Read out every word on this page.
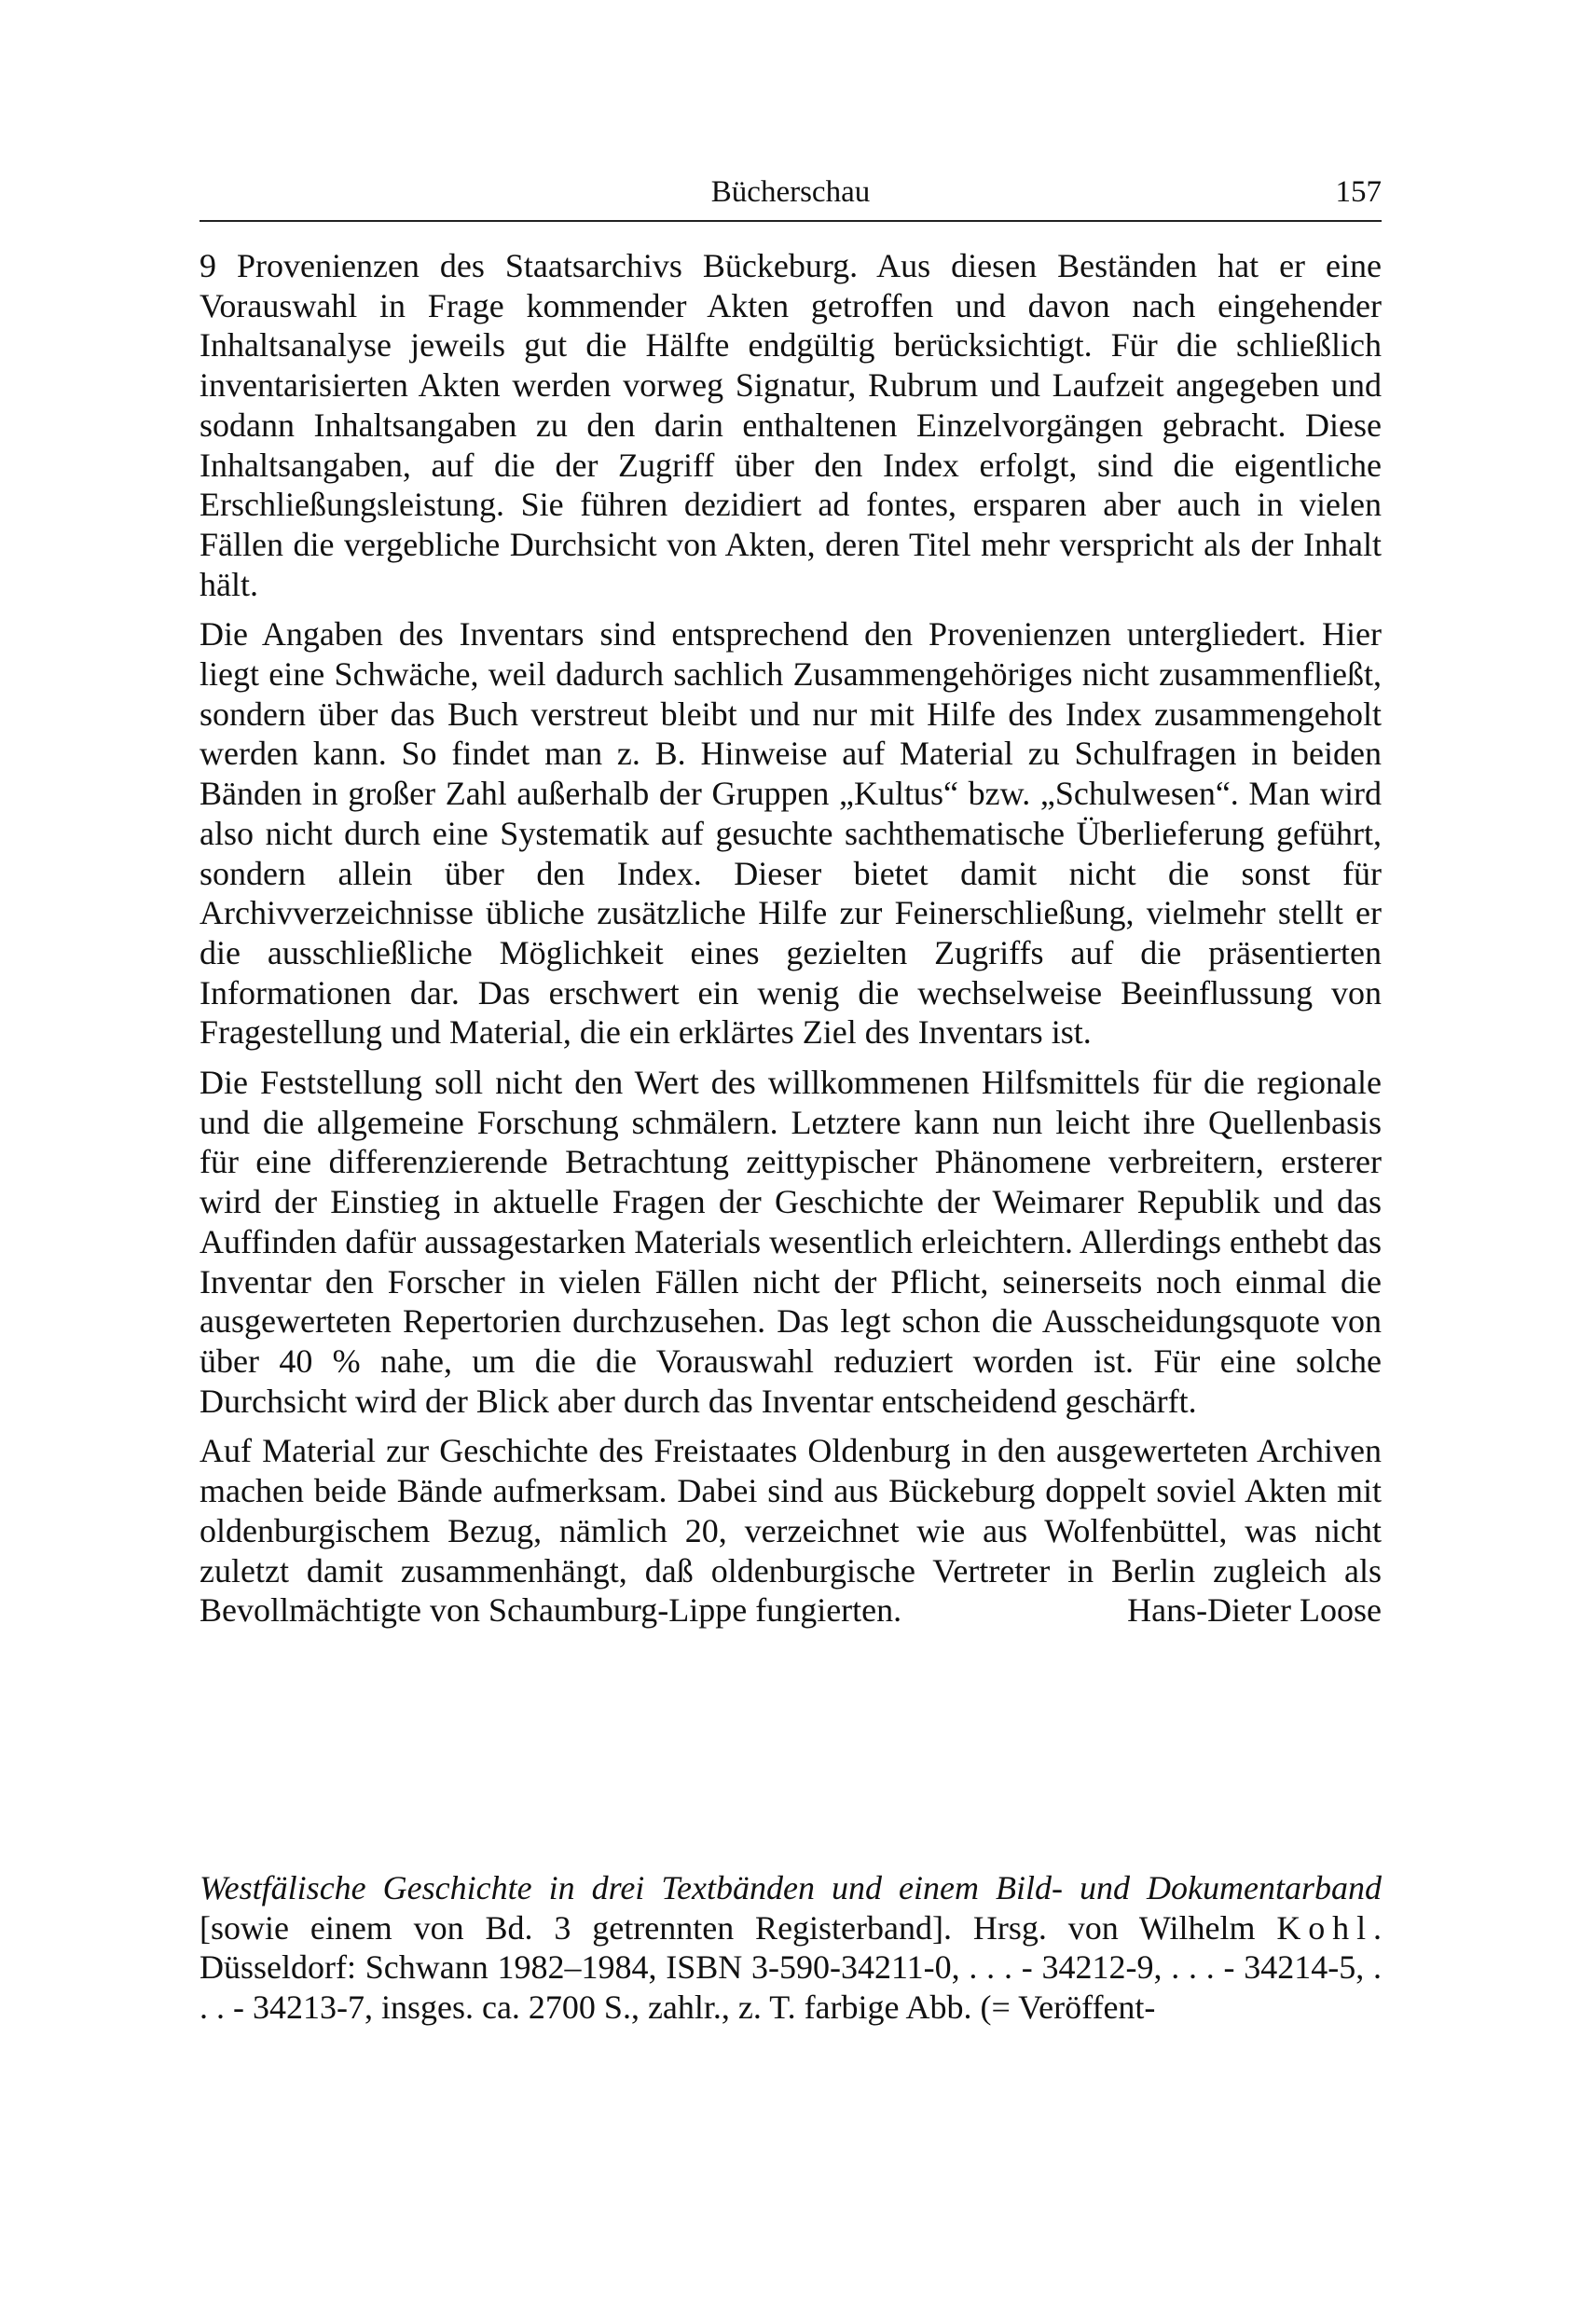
Bücherschau	157

9 Provenienzen des Staatsarchivs Bückeburg. Aus diesen Beständen hat er eine Vorauswahl in Frage kommender Akten getroffen und davon nach eingehender Inhaltsanalyse jeweils gut die Hälfte endgültig berücksichtigt. Für die schließlich inventarisierten Akten werden vorweg Signatur, Rubrum und Laufzeit angegeben und sodann Inhaltsangaben zu den darin enthaltenen Einzelvorgängen gebracht. Diese Inhaltsangaben, auf die der Zugriff über den Index erfolgt, sind die eigentliche Erschließungsleistung. Sie führen dezidiert ad fontes, ersparen aber auch in vielen Fällen die vergebliche Durchsicht von Akten, deren Titel mehr verspricht als der Inhalt hält.

Die Angaben des Inventars sind entsprechend den Provenienzen untergliedert. Hier liegt eine Schwäche, weil dadurch sachlich Zusammengehöriges nicht zusammenfließt, sondern über das Buch verstreut bleibt und nur mit Hilfe des Index zusammengeholt werden kann. So findet man z. B. Hinweise auf Material zu Schulfragen in beiden Bänden in großer Zahl außerhalb der Gruppen „Kultus“ bzw. „Schulwesen“. Man wird also nicht durch eine Systematik auf gesuchte sachthematische Überlieferung geführt, sondern allein über den Index. Dieser bietet damit nicht die sonst für Archivverzeichnisse übliche zusätzliche Hilfe zur Feinerschließung, vielmehr stellt er die ausschließliche Möglichkeit eines gezielten Zugriffs auf die präsentierten Informationen dar. Das erschwert ein wenig die wechselweise Beeinflussung von Fragestellung und Material, die ein erklärtes Ziel des Inventars ist.

Die Feststellung soll nicht den Wert des willkommenen Hilfsmittels für die regionale und die allgemeine Forschung schmälern. Letztere kann nun leicht ihre Quellenbasis für eine differenzierende Betrachtung zeittypischer Phänomene verbreitern, ersterer wird der Einstieg in aktuelle Fragen der Geschichte der Weimarer Republik und das Auffinden dafür aussagestarken Materials wesentlich erleichtern. Allerdings enthebt das Inventar den Forscher in vielen Fällen nicht der Pflicht, seinerseits noch einmal die ausgewerteten Repertorien durchzusehen. Das legt schon die Ausscheidungsquote von über 40 % nahe, um die die Vorauswahl reduziert worden ist. Für eine solche Durchsicht wird der Blick aber durch das Inventar entscheidend geschärft.

Auf Material zur Geschichte des Freistaates Oldenburg in den ausgewerteten Archiven machen beide Bände aufmerksam. Dabei sind aus Bückeburg doppelt soviel Akten mit oldenburgischem Bezug, nämlich 20, verzeichnet wie aus Wolfenbüttel, was nicht zuletzt damit zusammenhängt, daß oldenburgische Vertreter in Berlin zugleich als Bevollmächtigte von Schaumburg-Lippe fungierten.	Hans-Dieter Loose

Westfälische Geschichte in drei Textbänden und einem Bild- und Dokumentarband [sowie einem von Bd. 3 getrennten Registerband]. Hrsg. von Wilhelm Kohl. Düsseldorf: Schwann 1982–1984, ISBN 3-590-34211-0, . . . - 34212-9, . . . - 34214-5, . . . - 34213-7, insges. ca. 2700 S., zahlr., z. T. farbige Abb. (= Veröffent-
